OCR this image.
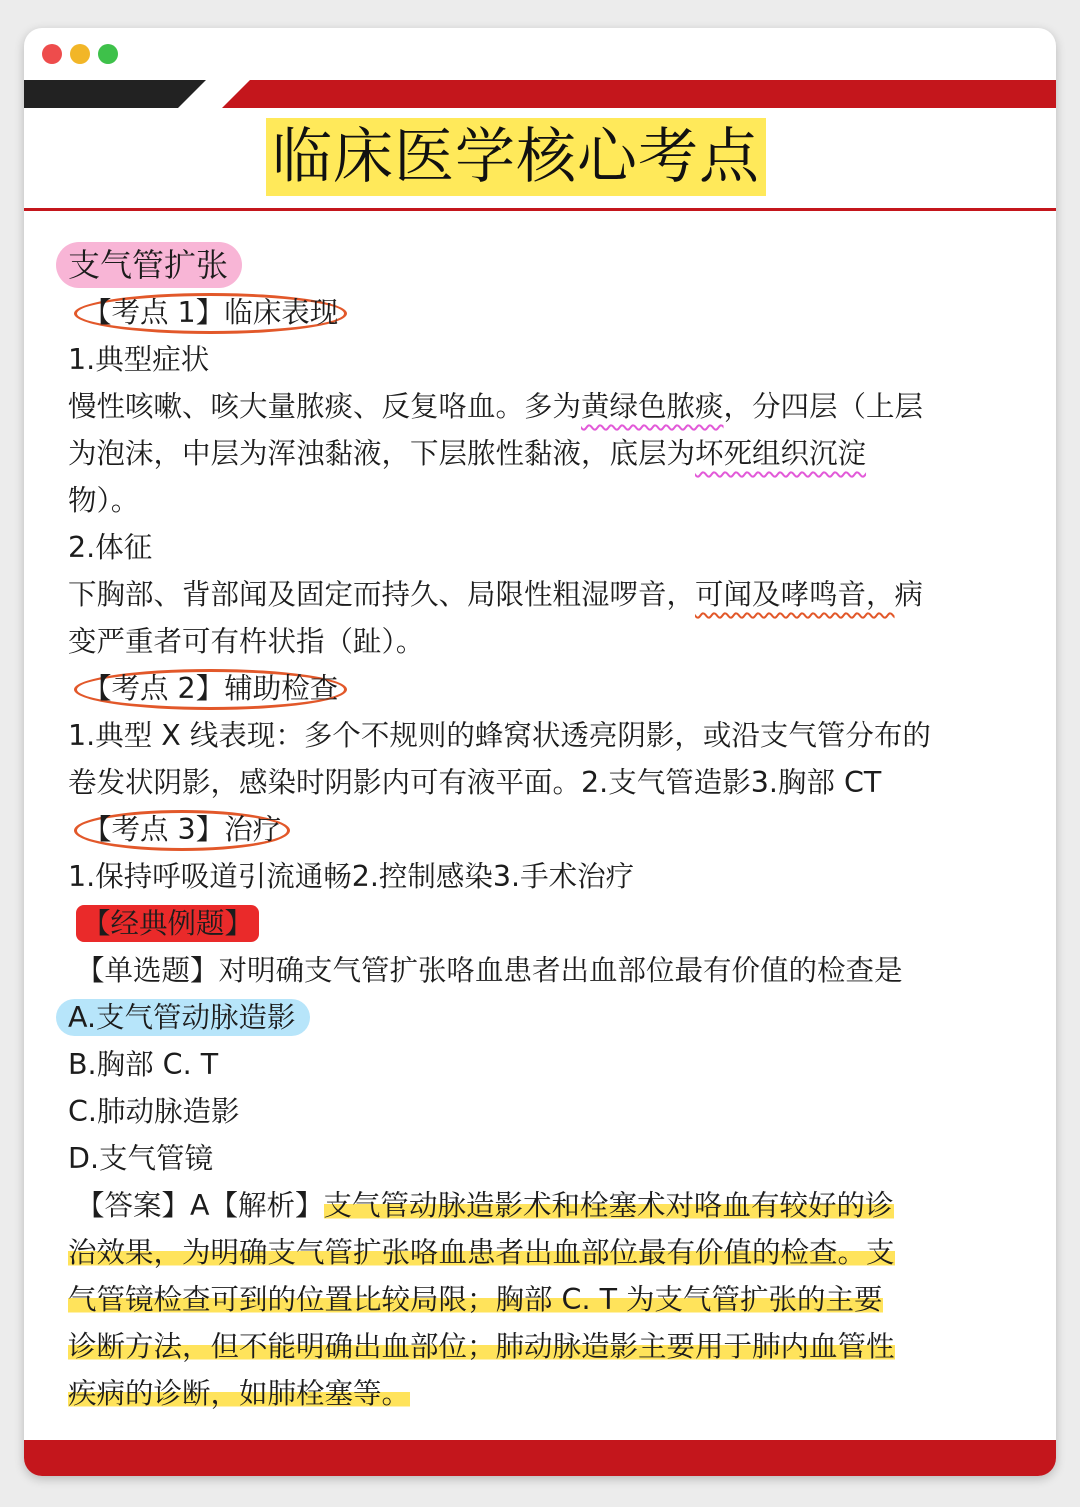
临床医学核心考点
支气管扩张
【考点 1】临床表现
1.典型症状
慢性咳嗽、咳大量脓痰、反复咯血。多为黄绿色脓痰，分四层（上层
为泡沫，中层为浑浊黏液，下层脓性黏液，底层为坏死组织沉淀
物）。
2.体征
下胸部、背部闻及固定而持久、局限性粗湿啰音，可闻及哮鸣音，病
变严重者可有杵状指（趾）。
【考点 2】辅助检查
1.典型 X 线表现：多个不规则的蜂窝状透亮阴影，或沿支气管分布的
卷发状阴影，感染时阴影内可有液平面。2.支气管造影3.胸部 CT
【考点 3】治疗
1.保持呼吸道引流通畅2.控制感染3.手术治疗
【经典例题】
【单选题】对明确支气管扩张咯血患者出血部位最有价值的检查是
A.支气管动脉造影
B.胸部 C. T
C.肺动脉造影
D.支气管镜
【答案】A【解析】支气管动脉造影术和栓塞术对咯血有较好的诊
治效果，为明确支气管扩张咯血患者出血部位最有价值的检查。支
气管镜检查可到的位置比较局限；胸部 C. T 为支气管扩张的主要
诊断方法，但不能明确出血部位；肺动脉造影主要用于肺内血管性
疾病的诊断，如肺栓塞等。
